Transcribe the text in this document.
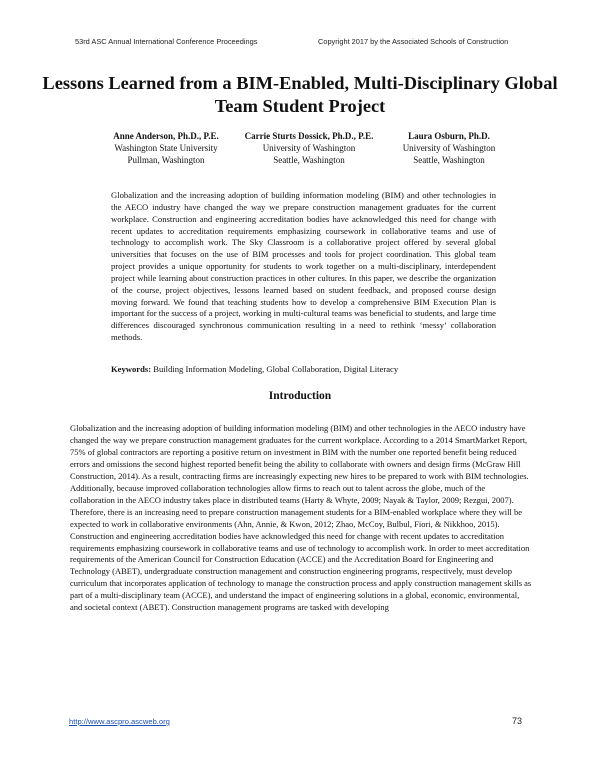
53rd ASC Annual International Conference Proceedings	Copyright 2017 by the Associated Schools of Construction
Lessons Learned from a BIM-Enabled, Multi-Disciplinary Global Team Student Project
Anne Anderson, Ph.D., P.E.
Washington State University
Pullman, Washington
Carrie Sturts Dossick, Ph.D., P.E.
University of Washington
Seattle, Washington
Laura Osburn, Ph.D.
University of Washington
Seattle, Washington

Globalization and the increasing adoption of building information modeling (BIM) and other technologies in the AECO industry have changed the way we prepare construction management graduates for the current workplace. Construction and engineering accreditation bodies have acknowledged this need for change with recent updates to accreditation requirements emphasizing coursework in collaborative teams and use of technology to accomplish work. The Sky Classroom is a collaborative project offered by several global universities that focuses on the use of BIM processes and tools for project coordination. This global team project provides a unique opportunity for students to work together on a multi-disciplinary, interdependent project while learning about construction practices in other cultures. In this paper, we describe the organization of the course, project objectives, lessons learned based on student feedback, and proposed course design moving forward. We found that teaching students how to develop a comprehensive BIM Execution Plan is important for the success of a project, working in multi-cultural teams was beneficial to students, and large time differences discouraged synchronous communication resulting in a need to rethink ‘messy’ collaboration methods.

Keywords: Building Information Modeling, Global Collaboration, Digital Literacy
Introduction

Globalization and the increasing adoption of building information modeling (BIM) and other technologies in the AECO industry have changed the way we prepare construction management graduates for the current workplace. According to a 2014 SmartMarket Report, 75% of global contractors are reporting a positive return on investment in BIM with the number one reported benefit being reduced errors and omissions the second highest reported benefit being the ability to collaborate with owners and design firms (McGraw Hill Construction, 2014). As a result, contracting firms are increasingly expecting new hires to be prepared to work with BIM technologies. Additionally, because improved collaboration technologies allow firms to reach out to talent across the globe, much of the collaboration in the AECO industry takes place in distributed teams (Harty & Whyte, 2009; Nayak & Taylor, 2009; Rezgui, 2007). Therefore, there is an increasing need to prepare construction management students for a BIM-enabled workplace where they will be expected to work in collaborative environments (Ahn, Annie, & Kwon, 2012; Zhao, McCoy, Bulbul, Fiori, & Nikkhoo, 2015).

Construction and engineering accreditation bodies have acknowledged this need for change with recent updates to accreditation requirements emphasizing coursework in collaborative teams and use of technology to accomplish work. In order to meet accreditation requirements of the American Council for Construction Education (ACCE) and the Accreditation Board for Engineering and Technology (ABET), undergraduate construction management and construction engineering programs, respectively, must develop curriculum that incorporates application of technology to manage the construction process and apply construction management skills as part of a multi-disciplinary team (ACCE), and understand the impact of engineering solutions in a global, economic, environmental, and societal context (ABET). Construction management programs are tasked with developing

http://www.ascpro.ascweb.org	73
